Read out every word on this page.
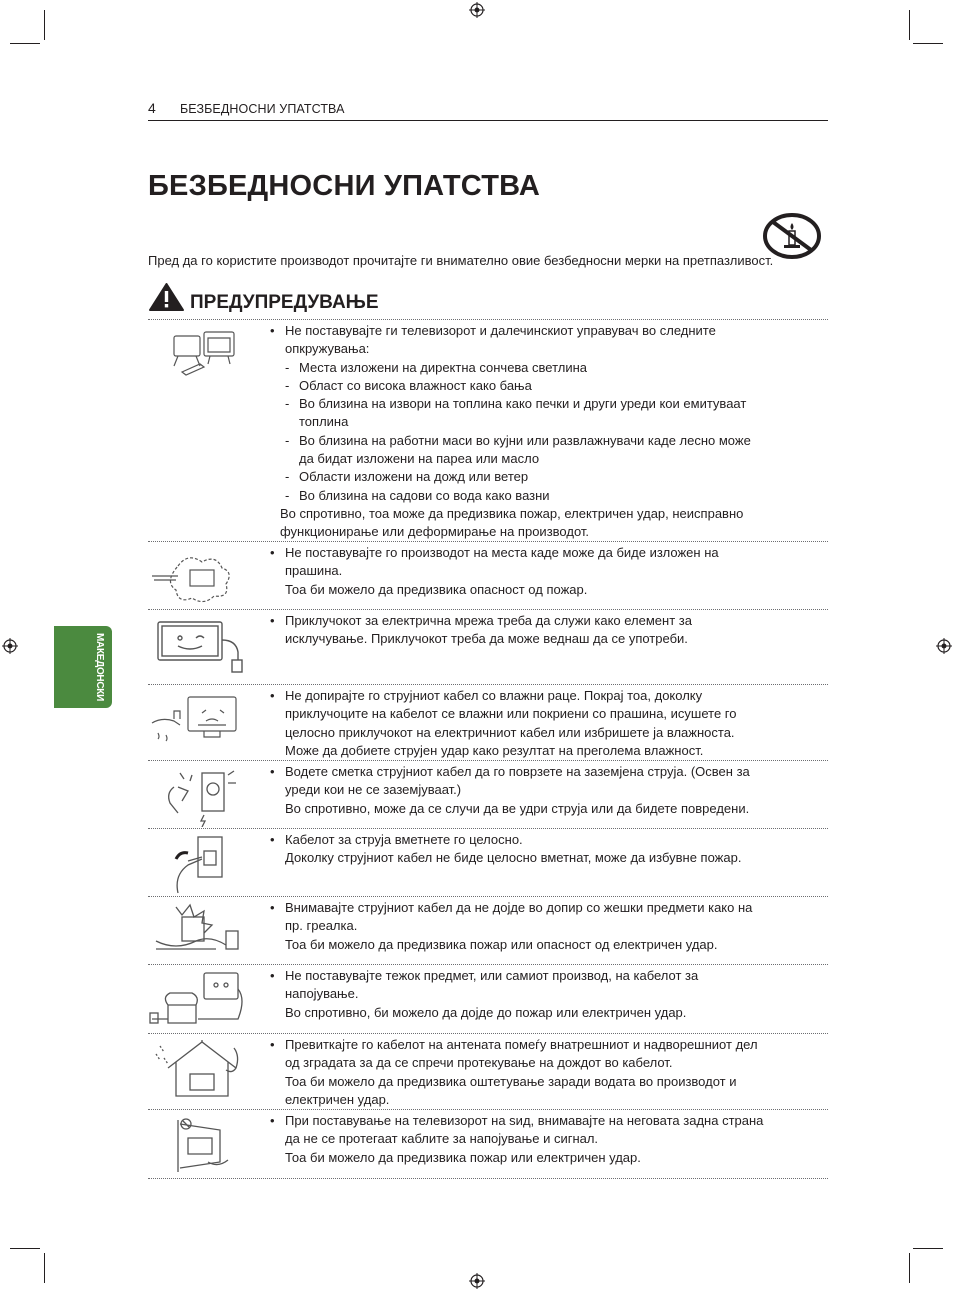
4 БЕЗБЕДНОСНИ УПАТСТВА
БЕЗБЕДНОСНИ УПАТСТВА
Пред да го користите производот прочитајте ги внимателно овие безбедносни мерки на претпазливост.
ПРЕДУПРЕДУВАЊЕ
• Не поставувајте ги телевизорот и далечинскиот управувач во следните
опкружувања:
- Места изложени на директна сончева светлина
- Област со висока влажност како бања
- Во близина на извори на топлина како печки и други уреди кои емитуваат
топлина
- Во близина на работни маси во кујни или развлажнувачи каде лесно може
да бидат изложени на пареа или масло
- Области изложени на дожд или ветер
- Во близина на садови со вода како вазни
Во спротивно, тоа може да предизвика пожар, електричен удар, неисправно
функционирање или деформирање на производот.
• Не поставувајте го производот на места каде може да биде изложен на
прашина.
Тоа би можело да предизвика опасност од пожар.
• Приклучокот за електрична мрежа треба да служи како елемент за
исклучување. Приклучокот треба да може веднаш да се употреби.
• Не допирајте го струјниот кабел со влажни раце. Покрај тоа, доколку
приклучоците на кабелот се влажни или покриени со прашина, исушете го
целосно приклучокот на електричниот кабел или избришете ја влажноста.
Може да добиете струјен удар како резултат на преголема влажност.
• Водете сметка струјниот кабел да го поврзете на заземјена струја. (Освен за
уреди кои не се заземјуваат.)
Во спротивно, може да се случи да ве удри струја или да бидете повредени.
• Кабелот за струја вметнете го целосно.
Доколку струјниот кабел не биде целосно вметнат, може да избувне пожар.
• Внимавајте струјниот кабел да не дојде во допир со жешки предмети како на
пр. греалка.
Тоа би можело да предизвика пожар или опасност од електричен удар.
• Не поставувајте тежок предмет, или самиот производ, на кабелот за
напојување.
Во спротивно, би можело да дојде до пожар или електричен удар.
• Превиткајте го кабелот на антената помеѓу внатрешниот и надворешниот дел
од зградата за да се спречи протекување на дождот во кабелот.
Тоа би можело да предизвика оштетување заради водата во производот и
електричен удар.
• При поставување на телевизорот на ѕид, внимавајте на неговата задна страна
да не се протегаат каблите за напојување и сигнал.
Тоа би можело да предизвика пожар или електричен удар.
МАКЕДОНСКИ
